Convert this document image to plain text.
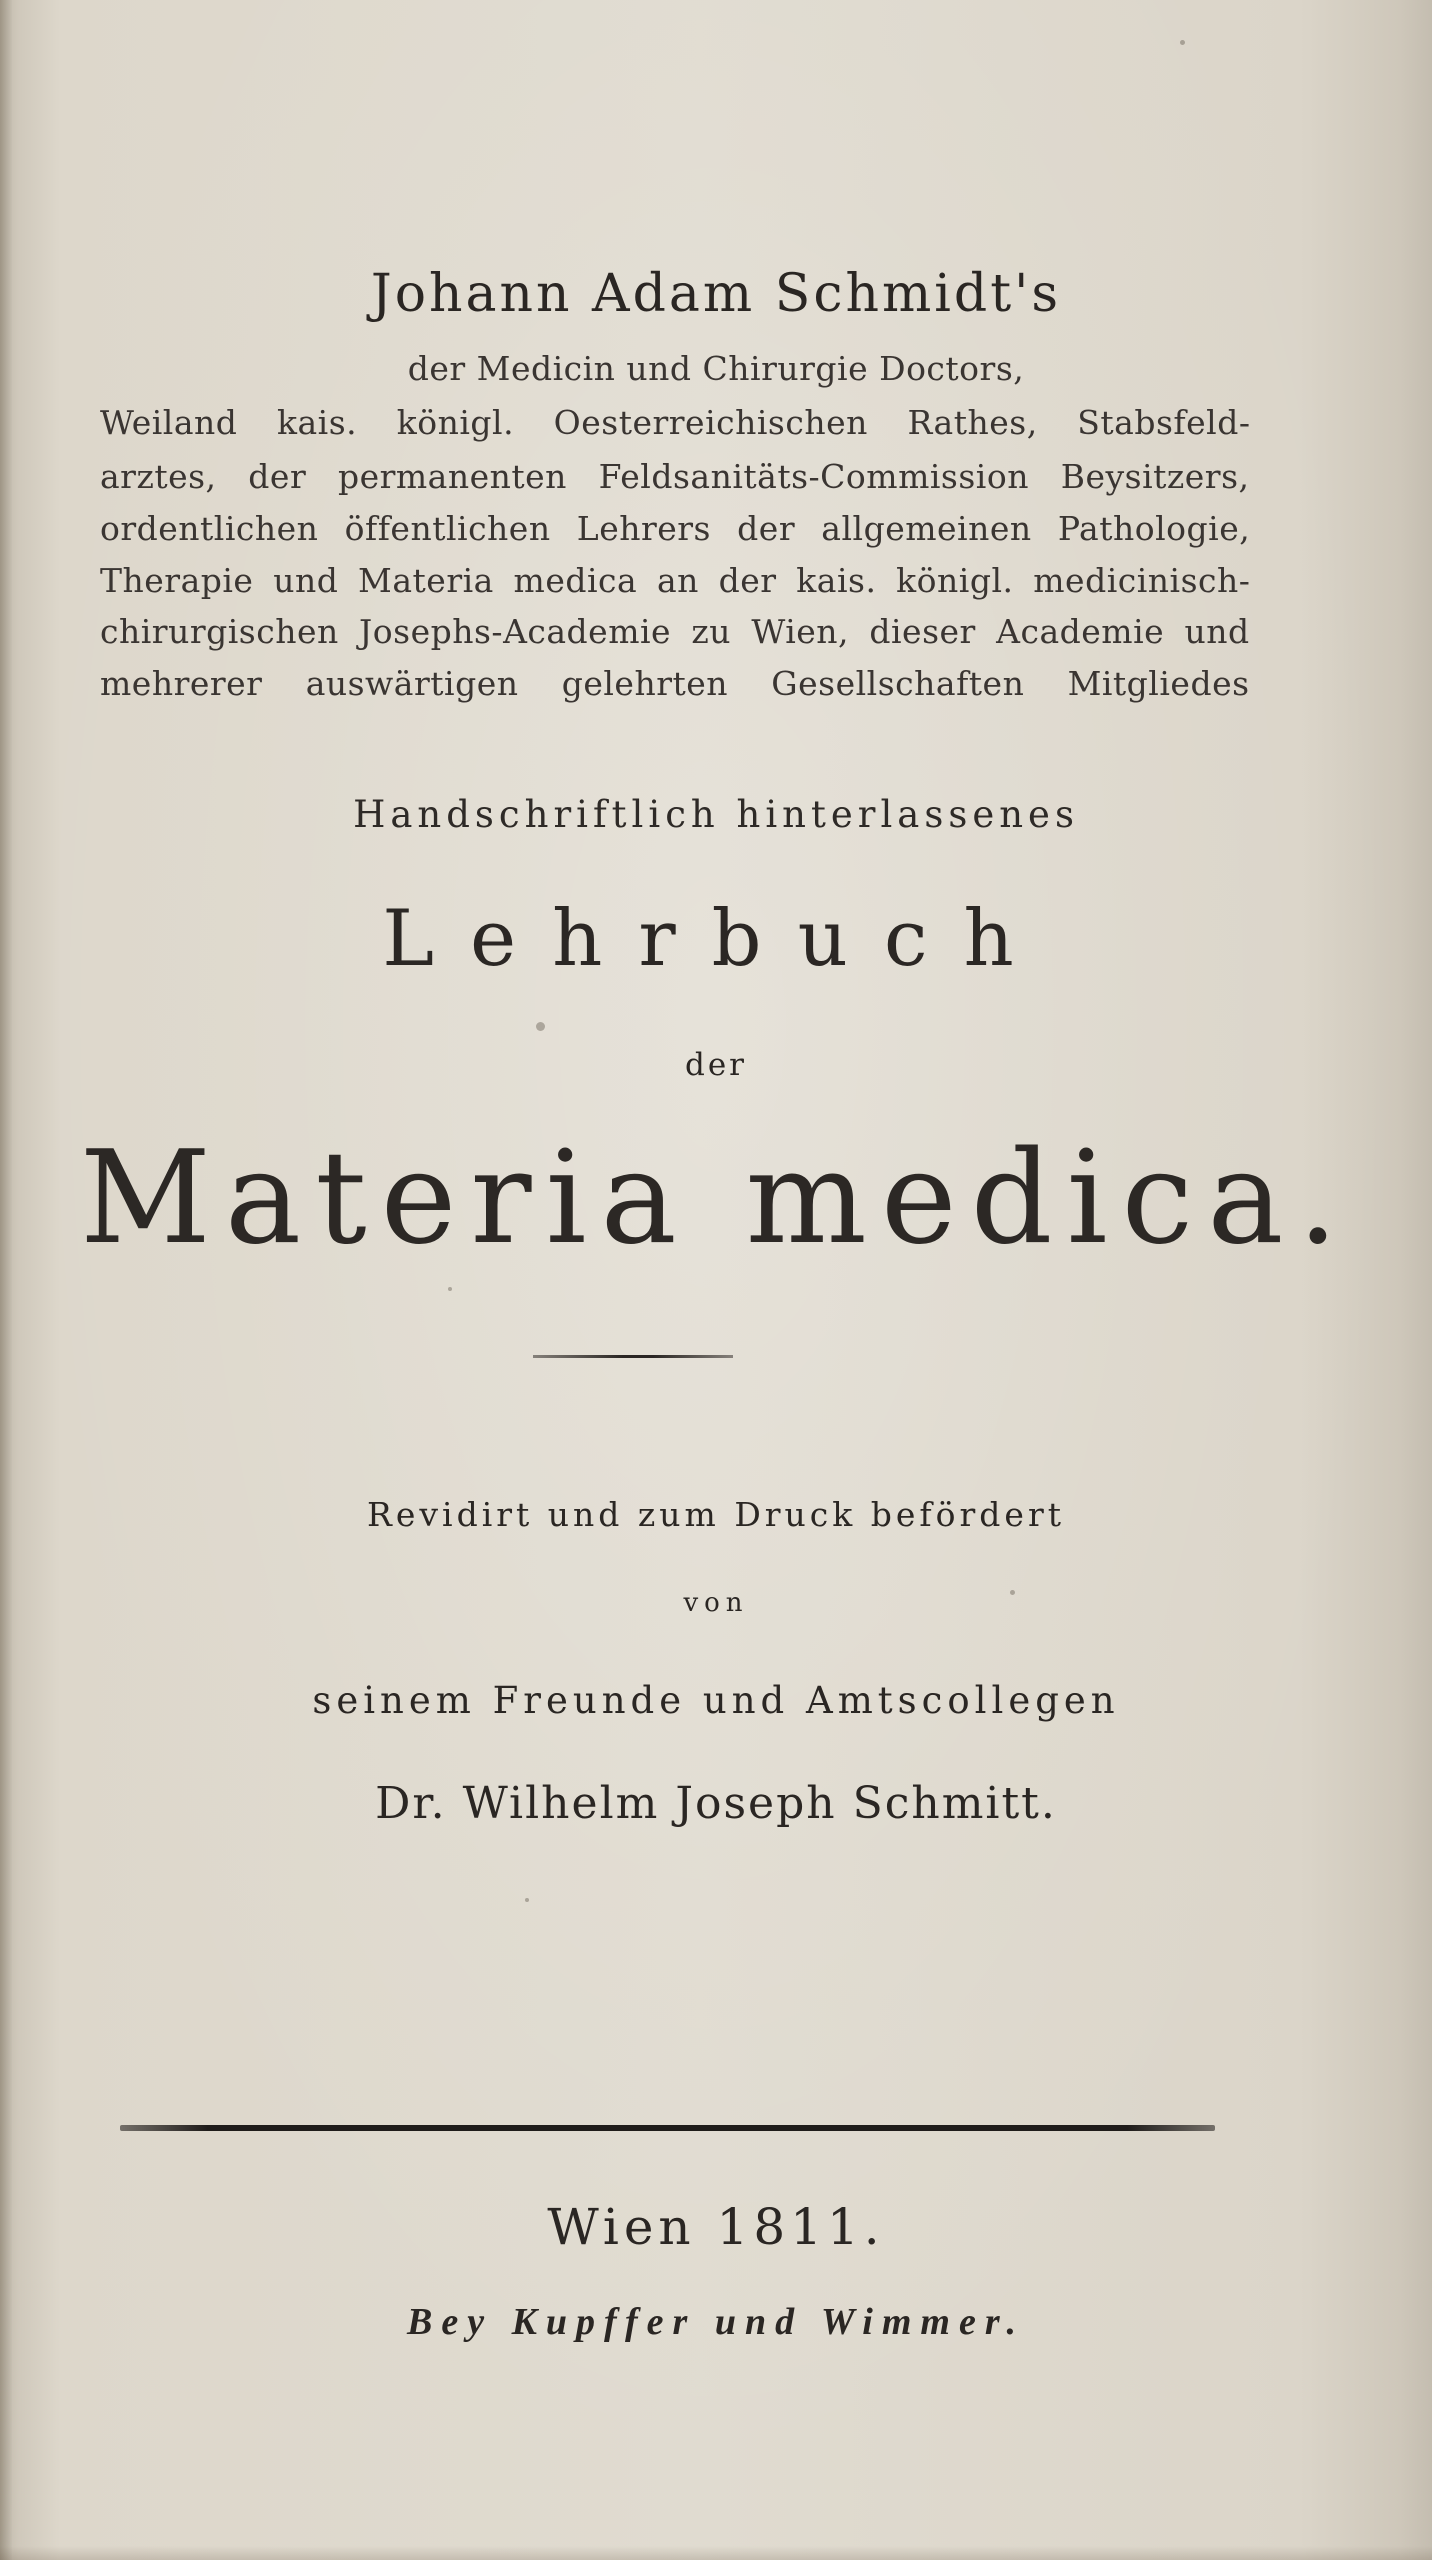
Johann Adam Schmidt's
der Medicin und Chirurgie Doctors,
Weiland kais. königl. Oesterreichischen Rathes, Stabsfeld-
arztes, der permanenten Feldsanitäts-Commission Beysitzers,
ordentlichen öffentlichen Lehrers der allgemeinen Pathologie,
Therapie und Materia medica an der kais. königl. medicinisch-
chirurgischen Josephs-Academie zu Wien, dieser Academie und
mehrerer auswärtigen gelehrten Gesellschaften Mitgliedes
Handschriftlich hinterlassenes
Lehrbuch
der
Materia medica.
Revidirt und zum Druck befördert
von
seinem Freunde und Amtscollegen
Dr. Wilhelm Joseph Schmitt.
Wien 1811.
Bey Kupffer und Wimmer.
